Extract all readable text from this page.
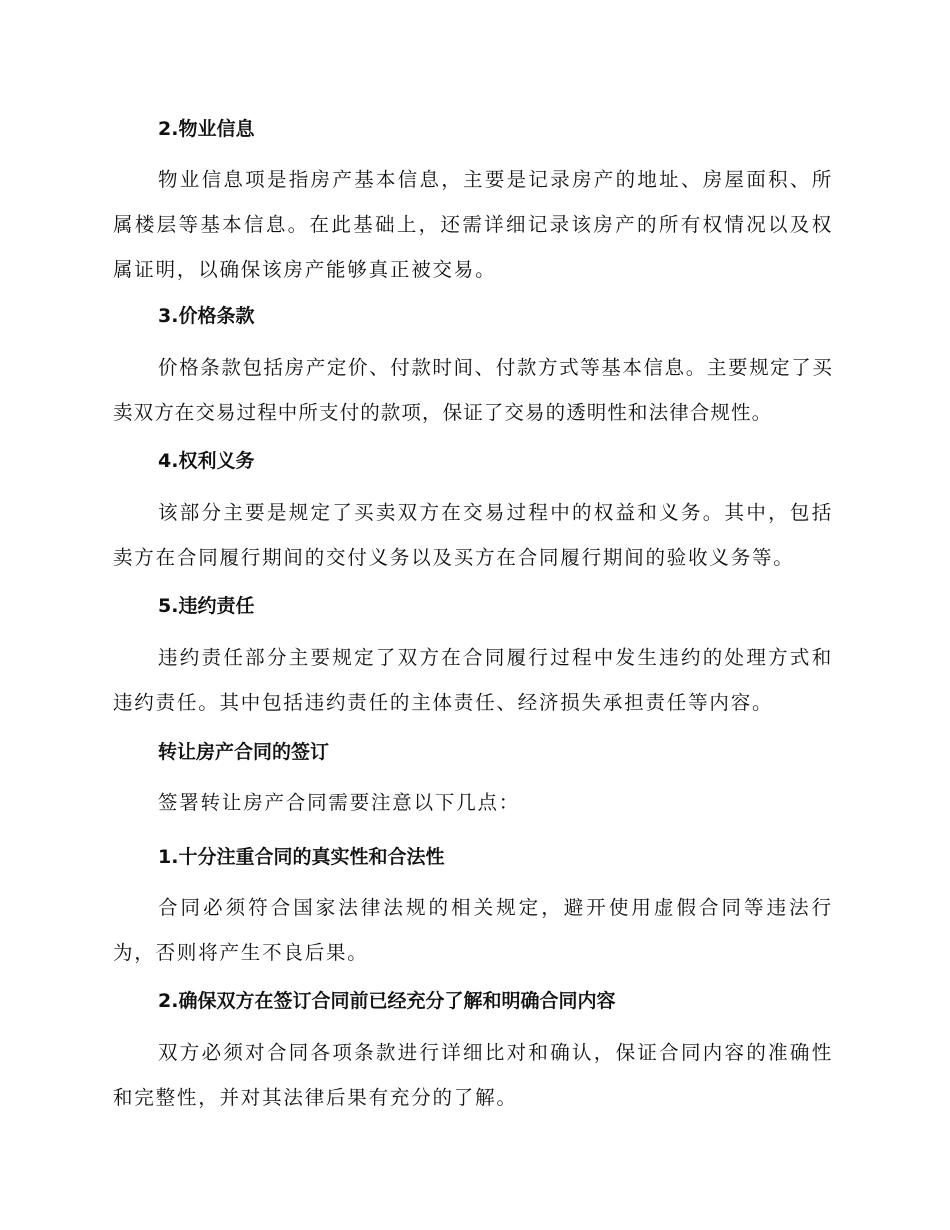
2.物业信息

物业信息项是指房产基本信息，主要是记录房产的地址、房屋面积、所属楼层等基本信息。在此基础上，还需详细记录该房产的所有权情况以及权属证明，以确保该房产能够真正被交易。

3.价格条款

价格条款包括房产定价、付款时间、付款方式等基本信息。主要规定了买卖双方在交易过程中所支付的款项，保证了交易的透明性和法律合规性。

4.权利义务

该部分主要是规定了买卖双方在交易过程中的权益和义务。其中，包括卖方在合同履行期间的交付义务以及买方在合同履行期间的验收义务等。

5.违约责任

违约责任部分主要规定了双方在合同履行过程中发生违约的处理方式和违约责任。其中包括违约责任的主体责任、经济损失承担责任等内容。

转让房产合同的签订

签署转让房产合同需要注意以下几点：

1.十分注重合同的真实性和合法性

合同必须符合国家法律法规的相关规定，避开使用虚假合同等违法行为，否则将产生不良后果。

2.确保双方在签订合同前已经充分了解和明确合同内容

双方必须对合同各项条款进行详细比对和确认，保证合同内容的准确性和完整性，并对其法律后果有充分的了解。
